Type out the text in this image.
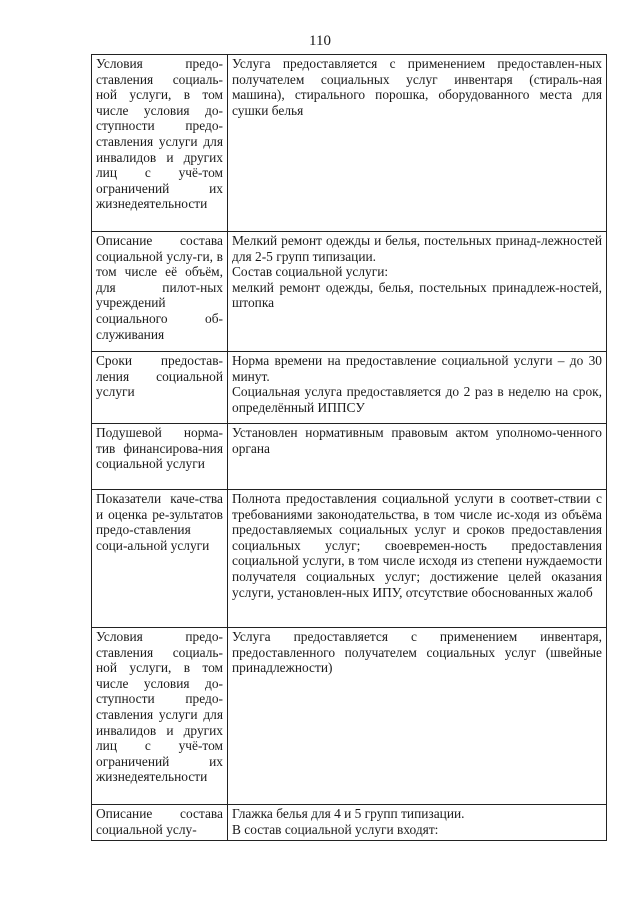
110
Условия предо-ставления социаль-ной услуги, в том числе условия до-ступности предо-ставления услуги для инвалидов и других лиц с учё-том ограничений их жизнедеятельности	Услуга предоставляется с применением предоставлен-ных получателем социальных услуг инвентаря (стираль-ная машина), стирального порошка, оборудованного места для сушки белья

Описание состава социальной услу-ги, в том числе её объём, для пилот-ных учреждений социального об-служивания	Мелкий ремонт одежды и белья, постельных принад-лежностей для 2-5 групп типизации.
Состав социальной услуги:
мелкий ремонт одежды, белья, постельных принадлеж-ностей, штопка

Сроки предостав-ления социальной услуги	Норма времени на предоставление социальной услуги – до 30 минут.
Социальная услуга предоставляется до 2 раз в неделю на срок, определённый ИППСУ

Подушевой норма-тив финансирова-ния социальной услуги	Установлен нормативным правовым актом уполномо-ченного органа

Показатели каче-ства и оценка ре-зультатов предо-ставления соци-альной услуги	Полнота предоставления социальной услуги в соответ-ствии с требованиями законодательства, в том числе ис-ходя из объёма предоставляемых социальных услуг и сроков предоставления социальных услуг; своевремен-ность предоставления социальной услуги, в том числе исходя из степени нуждаемости получателя социальных услуг; достижение целей оказания услуги, установлен-ных ИПУ, отсутствие обоснованных жалоб

Условия предо-ставления социаль-ной услуги, в том числе условия до-ступности предо-ставления услуги для инвалидов и других лиц с учё-том ограничений их жизнедеятельности	Услуга предоставляется с применением инвентаря, предоставленного получателем социальных услуг (швейные принадлежности)

Описание состава социальной услу-	Глажка белья для 4 и 5 групп типизации.
В состав социальной услуги входят:
